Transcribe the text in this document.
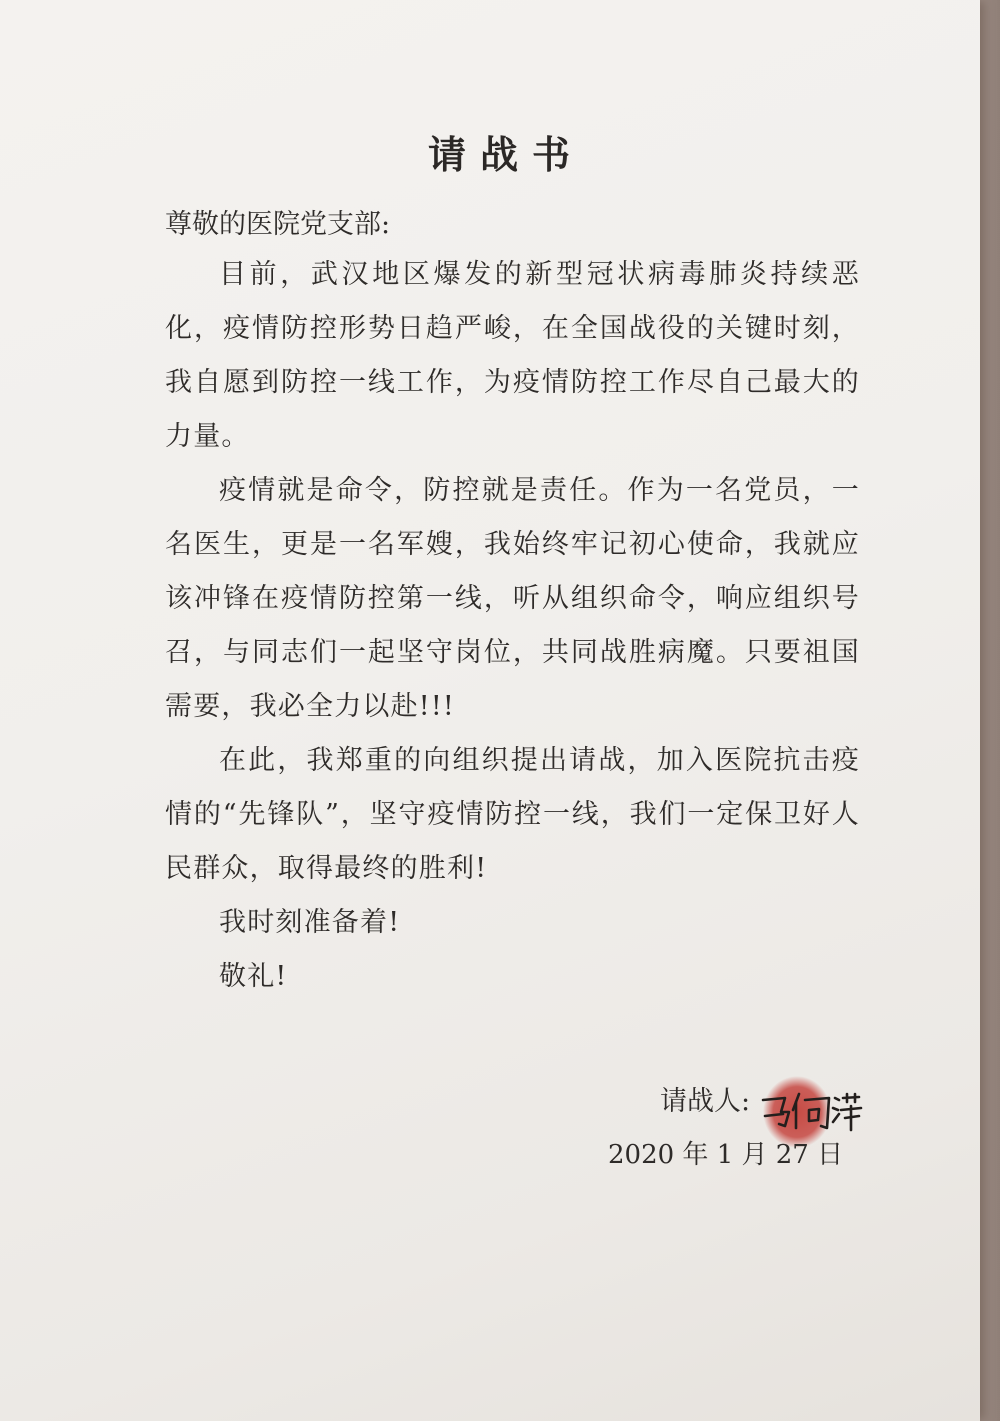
请战书
尊敬的医院党支部:

目前，武汉地区爆发的新型冠状病毒肺炎持续恶化，疫情防控形势日趋严峻，在全国战役的关键时刻，我自愿到防控一线工作，为疫情防控工作尽自己最大的力量。

疫情就是命令，防控就是责任。作为一名党员，一名医生，更是一名军嫂，我始终牢记初心使命，我就应该冲锋在疫情防控第一线，听从组织命令，响应组织号召，与同志们一起坚守岗位，共同战胜病魔。只要祖国需要，我必全力以赴!!!

在此，我郑重的向组织提出请战，加入医院抗击疫情的“先锋队”，坚守疫情防控一线，我们一定保卫好人民群众，取得最终的胜利!

我时刻准备着!

敬礼!

请战人:
2020 年 1 月 27 日
